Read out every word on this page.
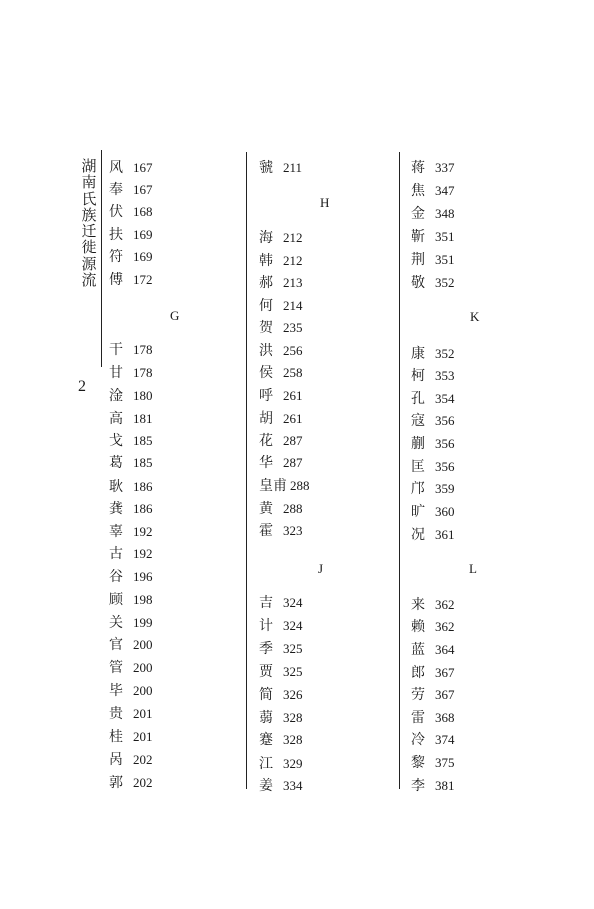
湖南氏族迁徙源流
2
风 167
奉 167
伏 168
扶 169
符 169
傅 172
干 178
甘 178
淦 180
高 181
戈 185
葛 185
耿 186
龚 186
辜 192
古 192
谷 196
顾 198
关 199
官 200
管 200
毕 200
贵 201
桂 201
呙 202
郭 202
G
虢 211
海 212
韩 212
郝 213
何 214
贺 235
洪 256
侯 258
呼 261
胡 261
花 287
华 287
皇甫 288
黄 288
霍 323
吉 324
计 324
季 325
贾 325
简 326
蒻 328
蹇 328
江 329
姜 334
H
J
蒋 337
焦 347
金 348
靳 351
荆 351
敬 352
康 352
柯 353
孔 354
寇 356
蒯 356
匡 356
邝 359
旷 360
况 361
来 362
赖 362
蓝 364
郎 367
劳 367
雷 368
冷 374
黎 375
李 381
K
L
